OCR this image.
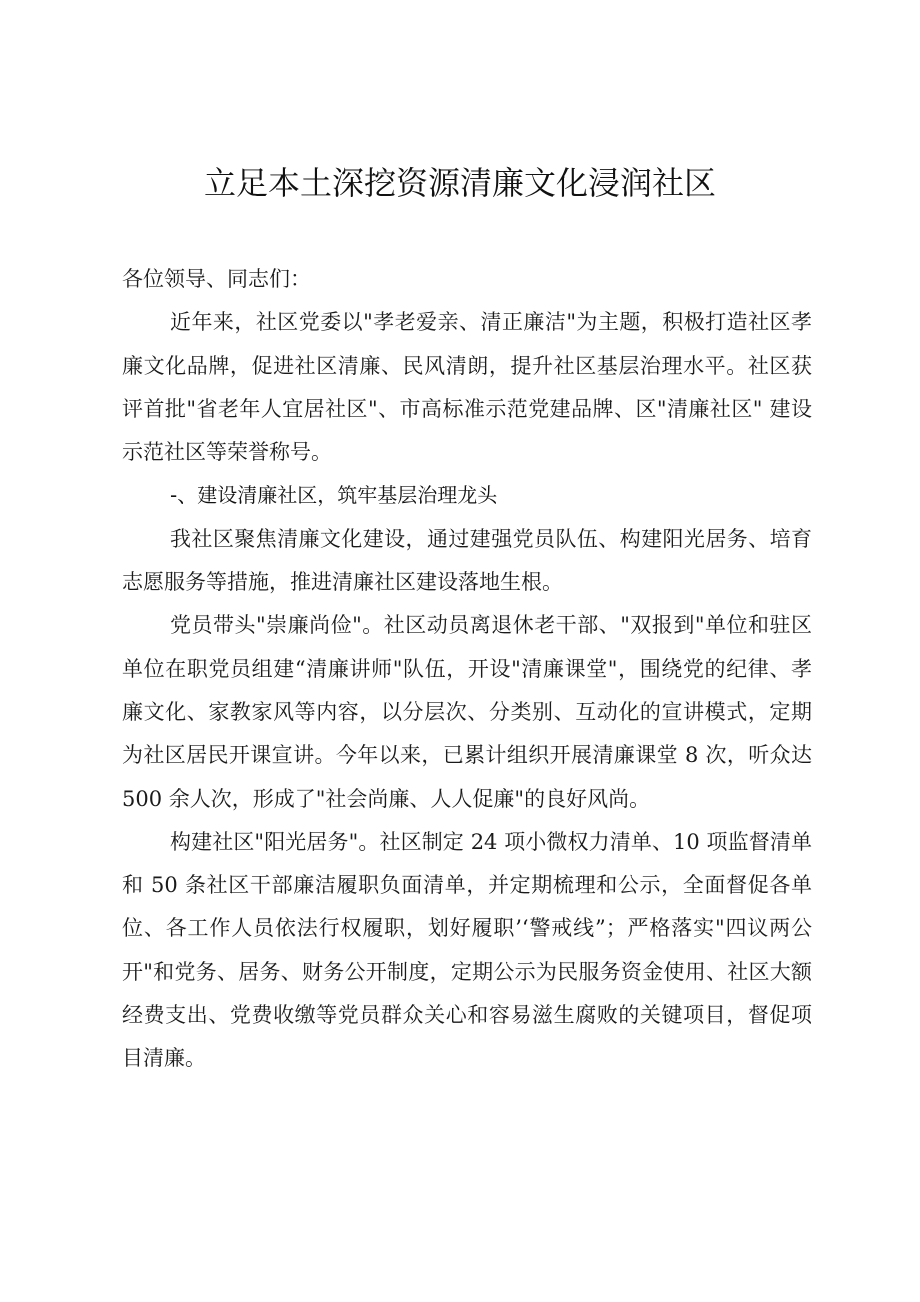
立足本土深挖资源清廉文化浸润社区

各位领导、同志们：

近年来，社区党委以"孝老爱亲、清正廉洁"为主题，积极打造社区孝廉文化品牌，促进社区清廉、民风清朗，提升社区基层治理水平。社区获评首批"省老年人宜居社区"、市高标准示范党建品牌、区"清廉社区" 建设示范社区等荣誉称号。

-、建设清廉社区，筑牢基层治理龙头

我社区聚焦清廉文化建设，通过建强党员队伍、构建阳光居务、培育志愿服务等措施，推进清廉社区建设落地生根。

党员带头"崇廉尚俭"。社区动员离退休老干部、"双报到"单位和驻区单位在职党员组建“清廉讲师"队伍，开设"清廉课堂"，围绕党的纪律、孝廉文化、家教家风等内容，以分层次、分类别、互动化的宣讲模式，定期为社区居民开课宣讲。今年以来，已累计组织开展清廉课堂 8 次，听众达 500 余人次，形成了"社会尚廉、人人促廉"的良好风尚。

构建社区"阳光居务"。社区制定 24 项小微权力清单、10 项监督清单和 50 条社区干部廉洁履职负面清单，并定期梳理和公示，全面督促各单位、各工作人员依法行权履职，划好履职’‘警戒线”；严格落实"四议两公开"和党务、居务、财务公开制度，定期公示为民服务资金使用、社区大额经费支出、党费收缴等党员群众关心和容易滋生腐败的关键项目，督促项目清廉。
